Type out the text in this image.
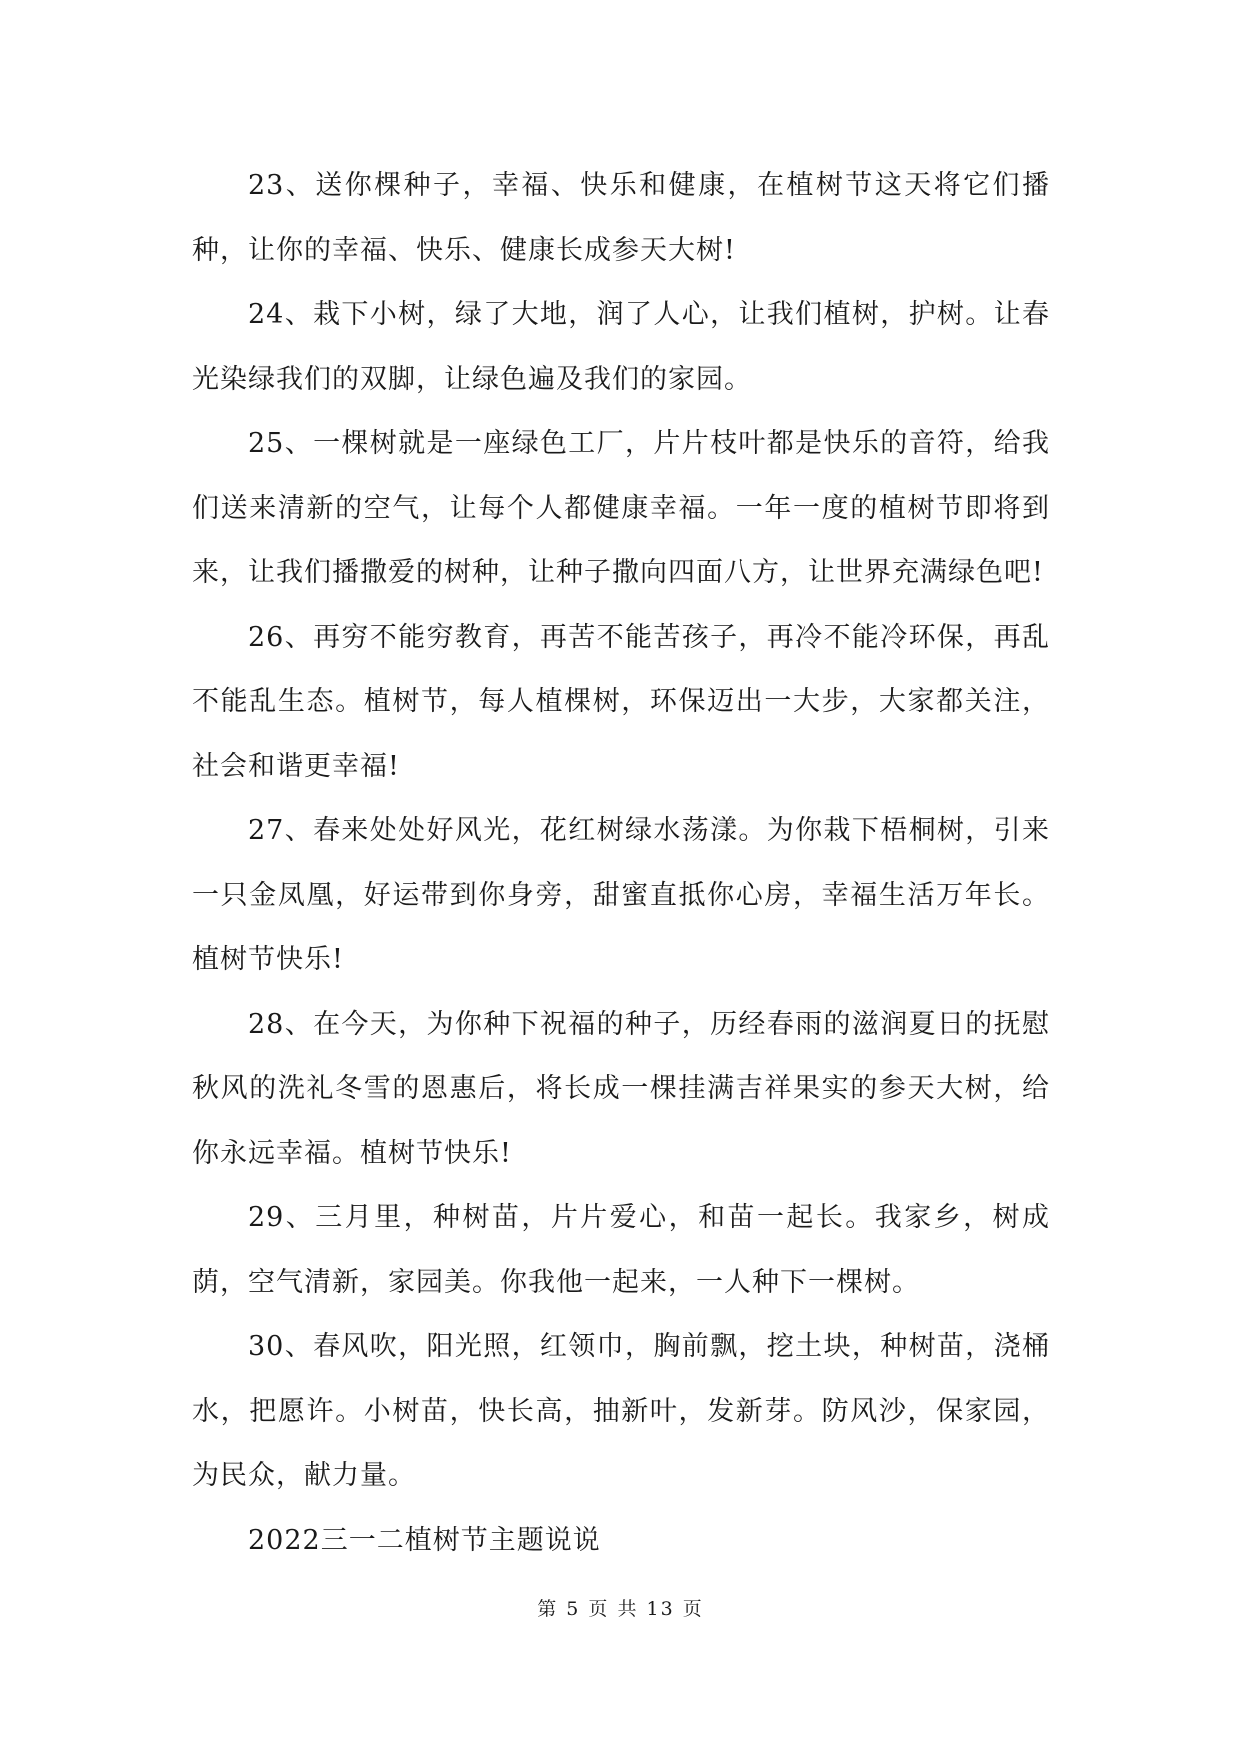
23、送你棵种子，幸福、快乐和健康，在植树节这天将它们播种，让你的幸福、快乐、健康长成参天大树!

24、栽下小树，绿了大地，润了人心，让我们植树，护树。让春光染绿我们的双脚，让绿色遍及我们的家园。

25、一棵树就是一座绿色工厂，片片枝叶都是快乐的音符，给我们送来清新的空气，让每个人都健康幸福。一年一度的植树节即将到来，让我们播撒爱的树种，让种子撒向四面八方，让世界充满绿色吧!

26、再穷不能穷教育，再苦不能苦孩子，再冷不能冷环保，再乱不能乱生态。植树节，每人植棵树，环保迈出一大步，大家都关注，社会和谐更幸福!

27、春来处处好风光，花红树绿水荡漾。为你栽下梧桐树，引来一只金凤凰，好运带到你身旁，甜蜜直抵你心房，幸福生活万年长。植树节快乐!

28、在今天，为你种下祝福的种子，历经春雨的滋润夏日的抚慰秋风的洗礼冬雪的恩惠后，将长成一棵挂满吉祥果实的参天大树，给你永远幸福。植树节快乐!

29、三月里，种树苗，片片爱心，和苗一起长。我家乡，树成荫，空气清新，家园美。你我他一起来，一人种下一棵树。

30、春风吹，阳光照，红领巾，胸前飘，挖土块，种树苗，浇桶水，把愿许。小树苗，快长高，抽新叶，发新芽。防风沙，保家园，为民众，献力量。

2022三一二植树节主题说说

第 5 页 共 13 页
